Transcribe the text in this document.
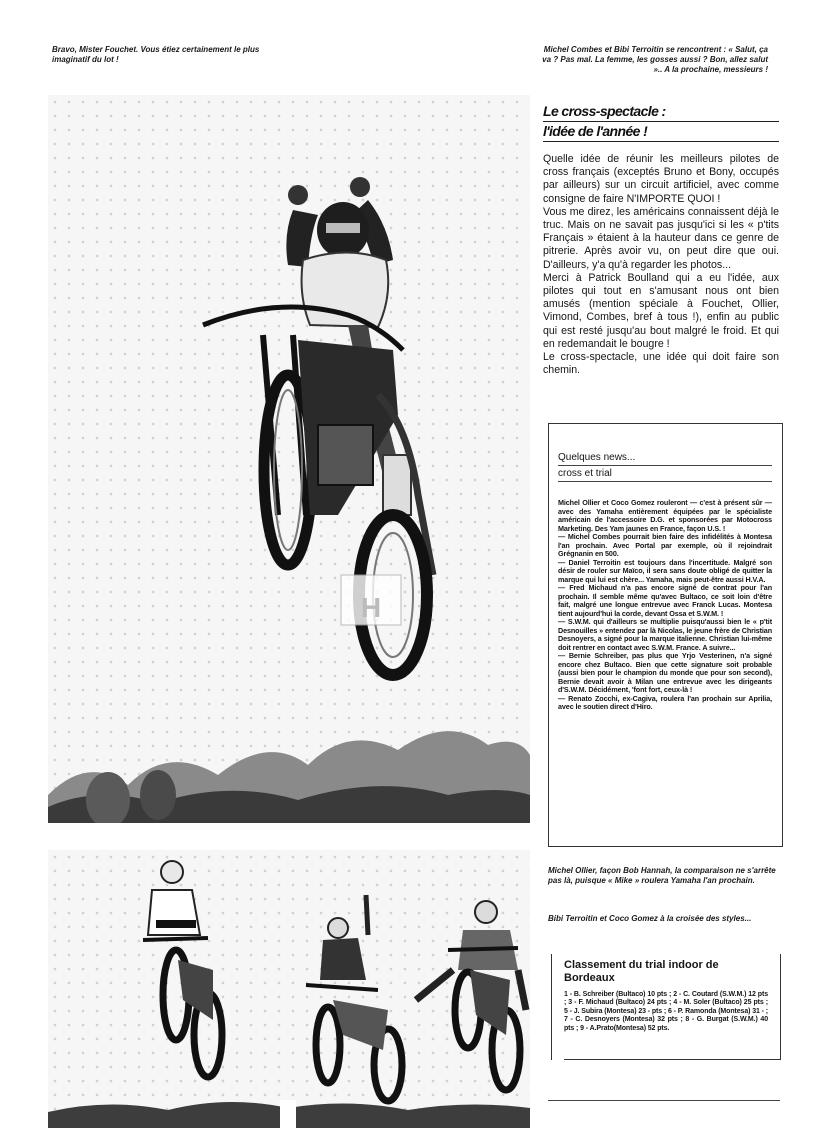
Bravo, Mister Fouchet. Vous étiez certainement le plus imaginatif du lot !
Michel Combes et Bibi Terroitin se rencontrent : « Salut, ça va ? Pas mal. La femme, les gosses aussi ? Bon, allez salut ».. A la prochaine, messieurs !
H
Le cross-spectacle :
l'idée de l'année !

Quelle idée de réunir les meilleurs pilotes de cross français (exceptés Bruno et Bony, occupés par ailleurs) sur un circuit artificiel, avec comme consigne de faire N'IMPORTE QUOI !

Vous me direz, les américains connaissent déjà le truc. Mais on ne savait pas jusqu'ici si les « p'tits Français » étaient à la hauteur dans ce genre de pitrerie. Après avoir vu, on peut dire que oui. D'ailleurs, y'a qu'à regarder les photos...

Merci à Patrick Boulland qui a eu l'idée, aux pilotes qui tout en s'amusant nous ont bien amusés (mention spéciale à Fouchet, Ollier, Vimond, Combes, bref à tous !), enfin au public qui est resté jusqu'au bout malgré le froid. Et qui en redemandait le bougre !

Le cross-spectacle, une idée qui doit faire son chemin.

Quelques news...
cross et trial

Michel Ollier et Coco Gomez rouleront — c'est à présent sûr — avec des Yamaha entièrement équipées par le spécialiste américain de l'accessoire D.G. et sponsorées par Motocross Marketing. Des Yam jaunes en France, façon U.S. !

— Michel Combes pourrait bien faire des infidélités à Montesa l'an prochain. Avec Portal par exemple, où il rejoindrait Grégnanin en 500.

— Daniel Terroitin est toujours dans l'incertitude. Malgré son désir de rouler sur Maïco, il sera sans doute obligé de quitter la marque qui lui est chère... Yamaha, mais peut-être aussi H.V.A.

— Fred Michaud n'a pas encore signé de contrat pour l'an prochain. Il semble même qu'avec Bultaco, ce soit loin d'être fait, malgré une longue entrevue avec Franck Lucas. Montesa tient aujourd'hui la corde, devant Ossa et S.W.M. !

— S.W.M. qui d'ailleurs se multiplie puisqu'aussi bien le « p'tit Desnouilles » entendez par là Nicolas, le jeune frère de Christian Desnoyers, a signé pour la marque italienne. Christian lui-même doit rentrer en contact avec S.W.M. France. A suivre...

— Bernie Schreiber, pas plus que Yrjo Vesterinen, n'a signé encore chez Bultaco. Bien que cette signature soit probable (aussi bien pour le champion du monde que pour son second), Bernie devait avoir à Milan une entrevue avec les dirigeants d'S.W.M. Décidément, 'font fort, ceux-là !

— Renato Zocchi, ex-Cagiva, roulera l'an prochain sur Aprilia, avec le soutien direct d'Hiro.

Michel Ollier, façon Bob Hannah, la comparaison ne s'arrête pas là, puisque « Mike » roulera Yamaha l'an prochain.
Bibi Terroitin et Coco Gomez à la croisée des styles...
Classement du trial indoor de Bordeaux

1 - B. Schreiber (Bultaco) 10 pts ; 2 - C. Coutard (S.W.M.) 12 pts ; 3 - F. Michaud (Bultaco) 24 pts ; 4 - M. Soler (Bultaco) 25 pts ; 5 - J. Subira (Montesa) 23 - pts ; 6 - P. Ramonda (Montesa) 31 - ; 7 - C. Desnoyers (Montesa) 32 pts ; 8 - G. Burgat (S.W.M.) 40 pts ; 9 - A.Prato(Montesa) 52 pts.
